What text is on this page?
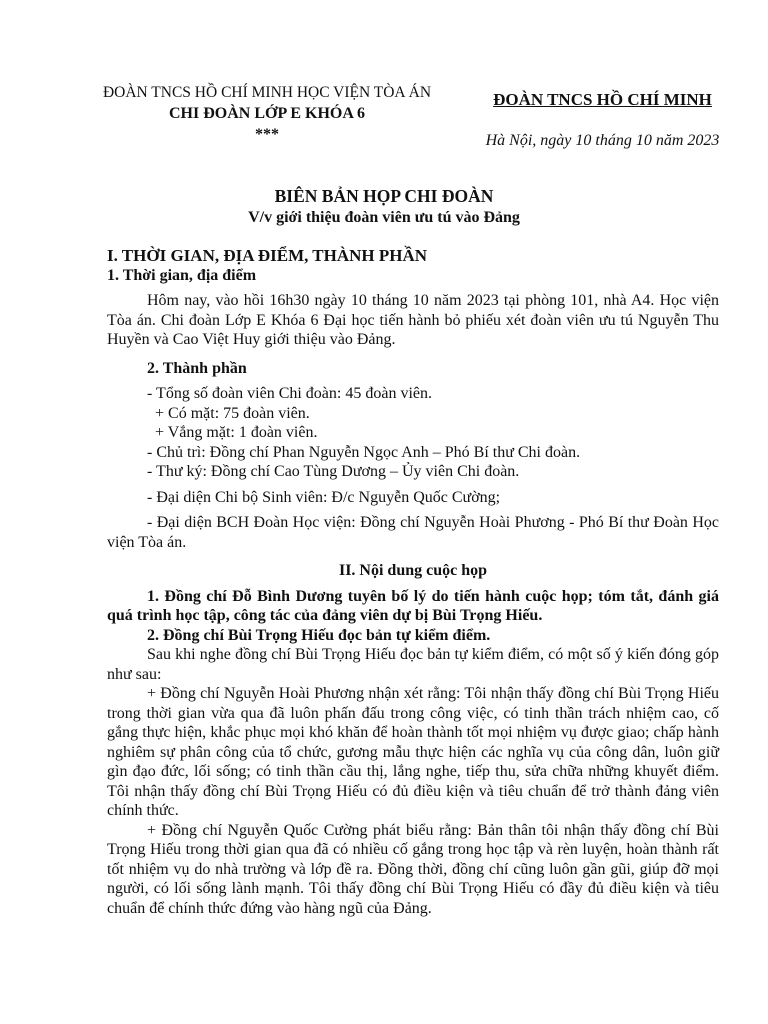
ĐOÀN TNCS HỒ CHÍ MINH HỌC VIỆN TÒA ÁN
CHI ĐOÀN LỚP E KHÓA 6
***
ĐOÀN TNCS HỒ CHÍ MINH
Hà Nội, ngày 10 tháng 10 năm 2023
BIÊN BẢN HỌP CHI ĐOÀN
V/v giới thiệu đoàn viên ưu tú vào Đảng

I. THỜI GIAN, ĐỊA ĐIỂM, THÀNH PHẦN

1. Thời gian, địa điểm

Hôm nay, vào hồi 16h30 ngày 10 tháng 10 năm 2023 tại phòng 101, nhà A4. Học viện Tòa án. Chi đoàn Lớp E Khóa 6 Đại học tiến hành bỏ phiếu xét đoàn viên ưu tú Nguyễn Thu Huyền và Cao Việt Huy giới thiệu vào Đảng.

2. Thành phần

- Tổng số đoàn viên Chi đoàn: 45 đoàn viên.

+ Có mặt: 75 đoàn viên.

+ Vắng mặt: 1 đoàn viên.

- Chủ trì: Đồng chí Phan Nguyễn Ngọc Anh – Phó Bí thư Chi đoàn.

- Thư ký: Đồng chí Cao Tùng Dương – Ủy viên Chi đoàn.

- Đại diện Chi bộ Sinh viên: Đ/c Nguyễn Quốc Cường;

- Đại diện BCH Đoàn Học viện: Đồng chí Nguyễn Hoài Phương - Phó Bí thư Đoàn Học viện Tòa án.

II. Nội dung cuộc họp

1. Đồng chí Đỗ Bình Dương tuyên bố lý do tiến hành cuộc họp; tóm tắt, đánh giá quá trình học tập, công tác của đảng viên dự bị Bùi Trọng Hiếu.

2. Đồng chí Bùi Trọng Hiếu đọc bản tự kiểm điểm.

Sau khi nghe đồng chí Bùi Trọng Hiếu đọc bản tự kiểm điểm, có một số ý kiến đóng góp như sau:

+ Đồng chí Nguyễn Hoài Phương nhận xét rằng: Tôi nhận thấy đồng chí Bùi Trọng Hiếu trong thời gian vừa qua đã luôn phấn đấu trong công việc, có tinh thần trách nhiệm cao, cố gắng thực hiện, khắc phục mọi khó khăn để hoàn thành tốt mọi nhiệm vụ được giao; chấp hành nghiêm sự phân công của tổ chức, gương mẫu thực hiện các nghĩa vụ của công dân, luôn giữ gìn đạo đức, lối sống; có tinh thần cầu thị, lắng nghe, tiếp thu, sửa chữa những khuyết điểm. Tôi nhận thấy đồng chí Bùi Trọng Hiếu có đủ điều kiện và tiêu chuẩn để trở thành đảng viên chính thức.

+ Đồng chí Nguyễn Quốc Cường phát biểu rằng: Bản thân tôi nhận thấy đồng chí Bùi Trọng Hiếu trong thời gian qua đã có nhiều cố gắng trong học tập và rèn luyện, hoàn thành rất tốt nhiệm vụ do nhà trường và lớp đề ra. Đồng thời, đồng chí cũng luôn gần gũi, giúp đỡ mọi người, có lối sống lành mạnh. Tôi thấy đồng chí Bùi Trọng Hiếu có đầy đủ điều kiện và tiêu chuẩn để chính thức đứng vào hàng ngũ của Đảng.
